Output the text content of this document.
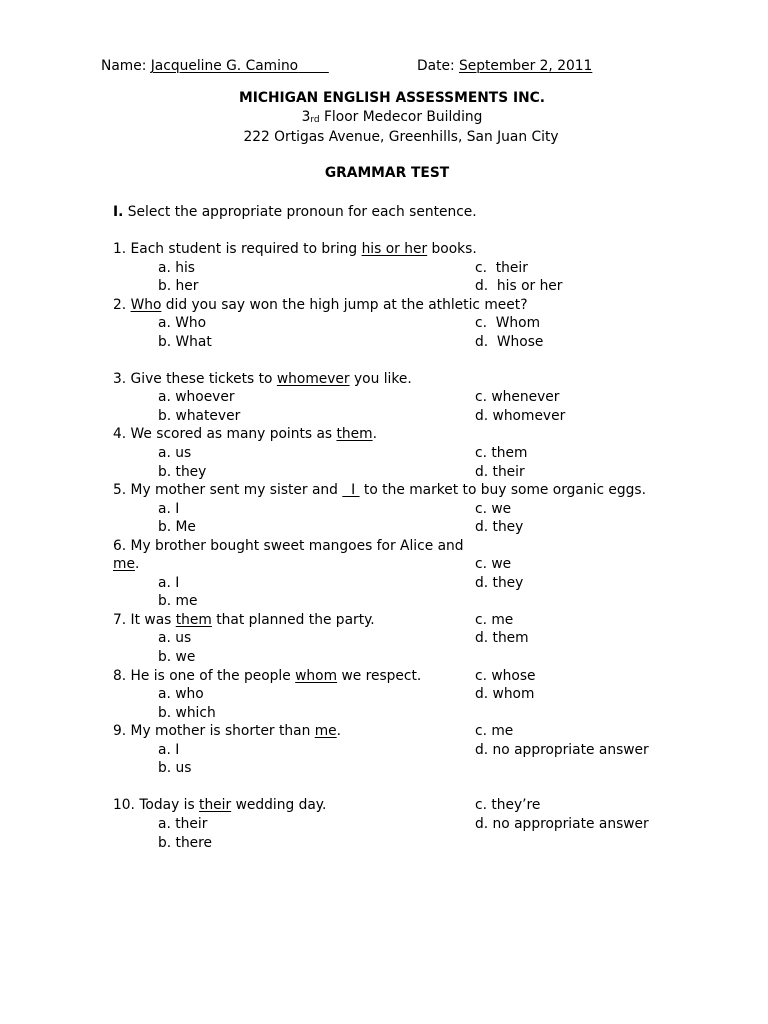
Name: Jacqueline G. Camino	Date: September 2, 2011
MICHIGAN ENGLISH ASSESSMENTS INC.
3rd Floor Medecor Building
222 Ortigas Avenue, Greenhills, San Juan City
GRAMMAR TEST
I. Select the appropriate pronoun for each sentence.
1. Each student is required to bring his or her books.
a. his	c.  their
b. her	d.  his or her
2. Who did you say won the high jump at the athletic meet?
a. Who	c.  Whom
b. What	d.  Whose
3. Give these tickets to whomever you like.
a. whoever	c. whenever
b. whatever	d. whomever
4. We scored as many points as them.
a. us	c. them
b. they	d. their
5. My mother sent my sister and   I  to the market to buy some organic eggs.
a. I	c. we
b. Me	d. they
6. My brother bought sweet mangoes for Alice and
me.	c. we
a. I	d. they
b. me
7. It was them that planned the party.	c. me
a. us	d. them
b. we
8. He is one of the people whom we respect.	c. whose
a. who	d. whom
b. which
9. My mother is shorter than me.	c. me
a. I	d. no appropriate answer
b. us
10. Today is their wedding day.	c. they’re
a. their	d. no appropriate answer
b. there
